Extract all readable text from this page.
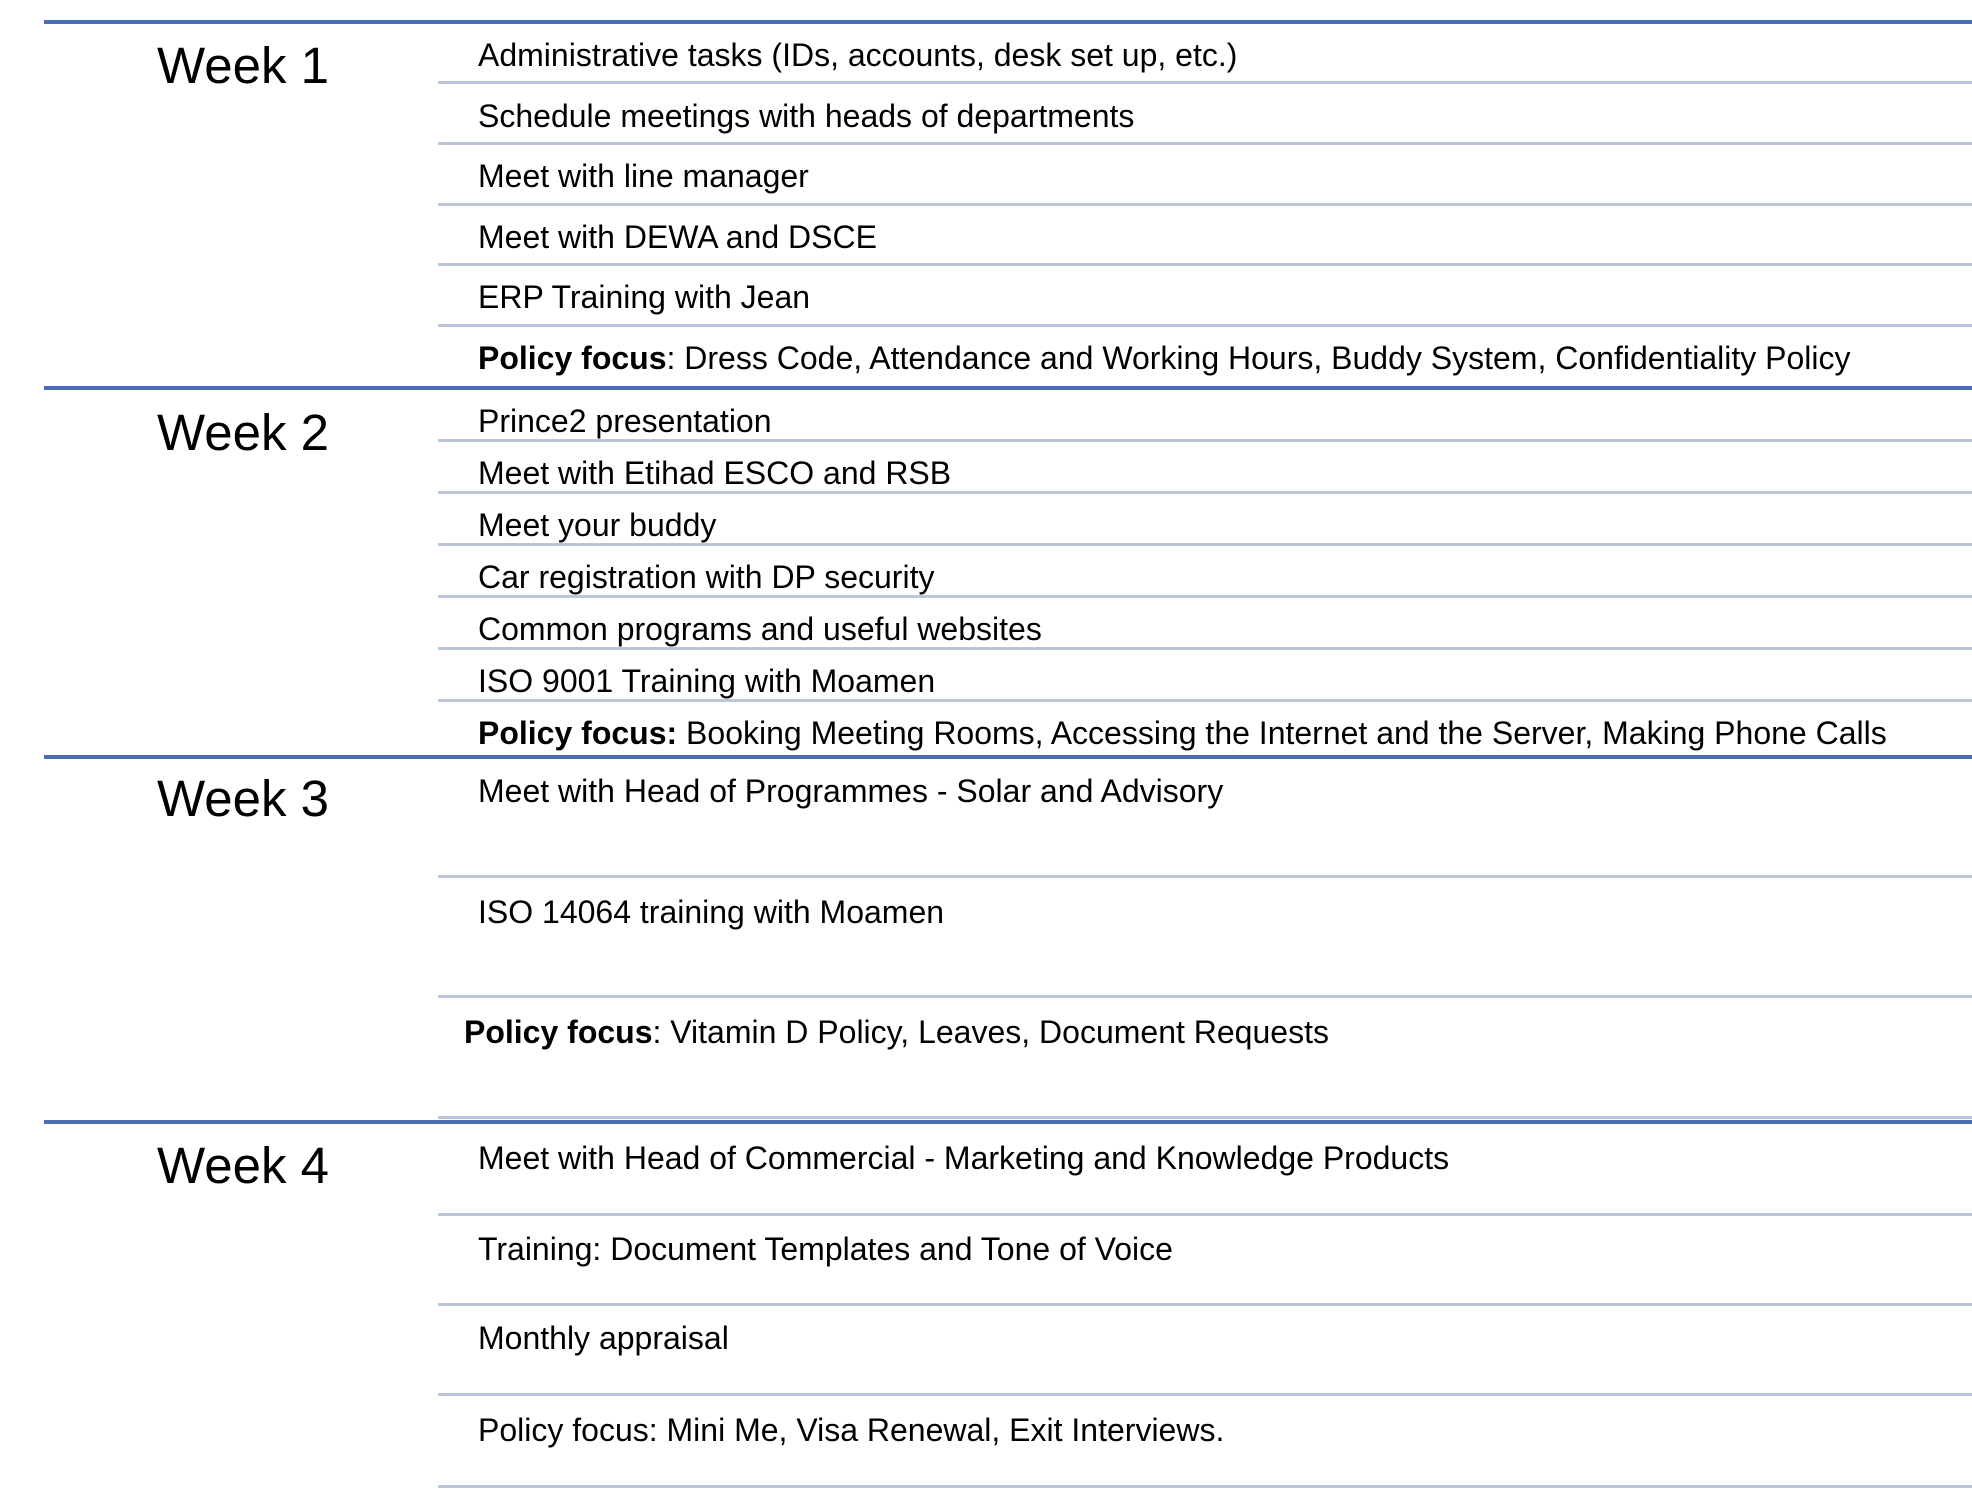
Week 1
Week 2
Week 3
Week 4
Administrative tasks (IDs, accounts, desk set up, etc.)
Schedule meetings with heads of departments
Meet with line manager
Meet with DEWA and DSCE
ERP Training with Jean
Policy focus: Dress Code, Attendance and Working Hours, Buddy System, Confidentiality Policy
Prince2 presentation
Meet with Etihad ESCO and RSB
Meet your buddy
Car registration with DP security
Common programs and useful websites
ISO 9001 Training with Moamen
Policy focus: Booking Meeting Rooms, Accessing the Internet and the Server, Making Phone Calls
Meet with Head of Programmes - Solar and Advisory
ISO 14064 training with Moamen
Policy focus: Vitamin D Policy, Leaves, Document Requests
Meet with Head of Commercial - Marketing and Knowledge Products
Training: Document Templates and Tone of Voice
Monthly appraisal
Policy focus: Mini Me, Visa Renewal, Exit Interviews.
